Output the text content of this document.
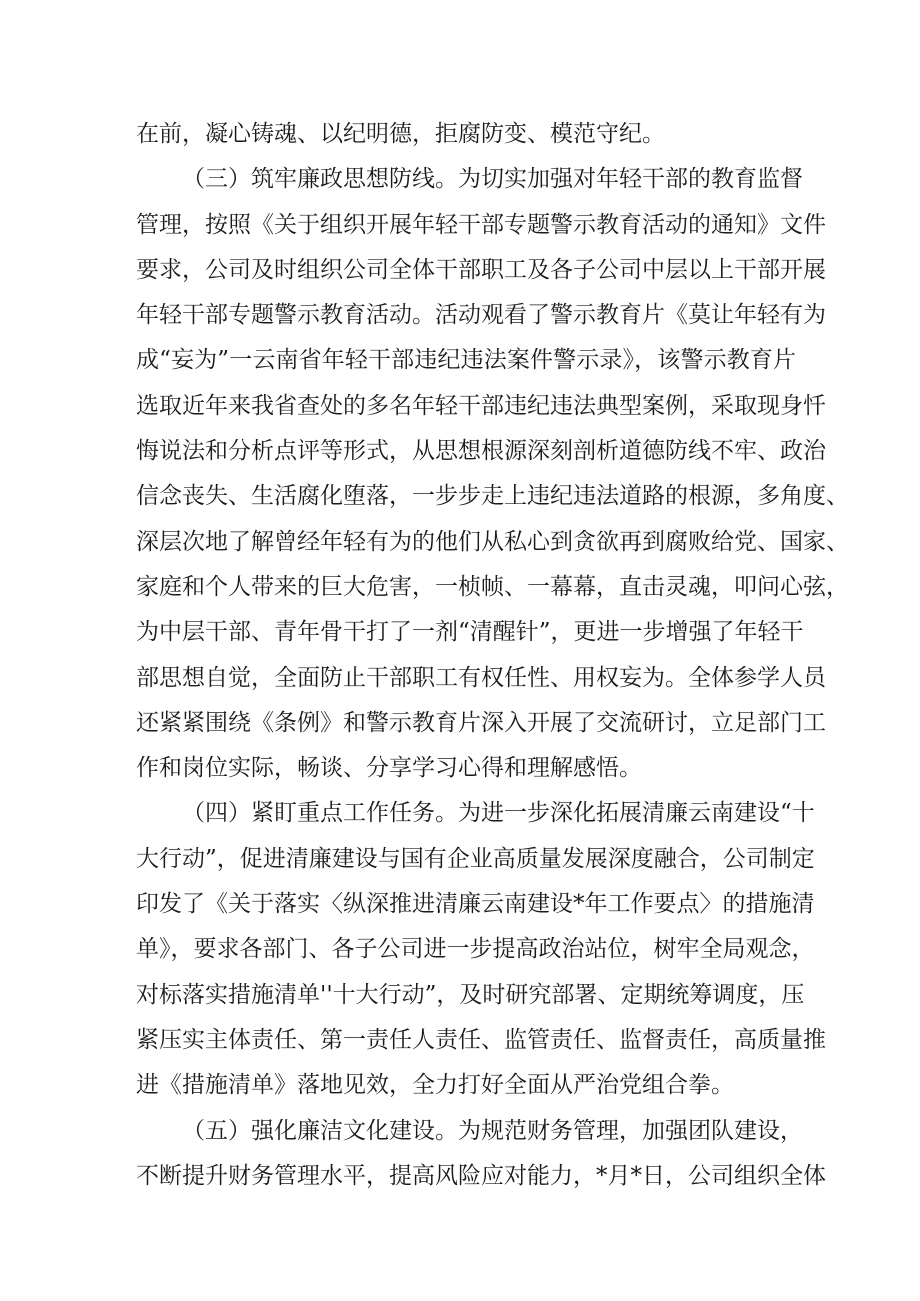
在前，凝心铸魂、以纪明德，拒腐防变、模范守纪。
（三）筑牢廉政思想防线。为切实加强对年轻干部的教育监督
管理，按照《关于组织开展年轻干部专题警示教育活动的通知》文件
要求，公司及时组织公司全体干部职工及各子公司中层以上干部开展
年轻干部专题警示教育活动。活动观看了警示教育片《莫让年轻有为
成“妄为”一云南省年轻干部违纪违法案件警示录》，该警示教育片
选取近年来我省查处的多名年轻干部违纪违法典型案例，采取现身忏
悔说法和分析点评等形式，从思想根源深刻剖析道德防线不牢、政治
信念丧失、生活腐化堕落，一步步走上违纪违法道路的根源，多角度、
深层次地了解曾经年轻有为的他们从私心到贪欲再到腐败给党、国家、
家庭和个人带来的巨大危害，一桢帧、一幕幕，直击灵魂，叩问心弦，
为中层干部、青年骨干打了一剂“清醒针”，更进一步增强了年轻干
部思想自觉，全面防止干部职工有权任性、用权妄为。全体参学人员
还紧紧围绕《条例》和警示教育片深入开展了交流研讨，立足部门工
作和岗位实际，畅谈、分享学习心得和理解感悟。
（四）紧盯重点工作任务。为进一步深化拓展清廉云南建设“十
大行动”，促进清廉建设与国有企业高质量发展深度融合，公司制定
印发了《关于落实〈纵深推进清廉云南建设*年工作要点〉的措施清
单》，要求各部门、各子公司进一步提高政治站位，树牢全局观念，
对标落实措施清单''十大行动”，及时研究部署、定期统筹调度，压
紧压实主体责任、第一责任人责任、监管责任、监督责任，高质量推
进《措施清单》落地见效，全力打好全面从严治党组合拳。
（五）强化廉洁文化建设。为规范财务管理，加强团队建设，
不断提升财务管理水平，提高风险应对能力，*月*日，公司组织全体
